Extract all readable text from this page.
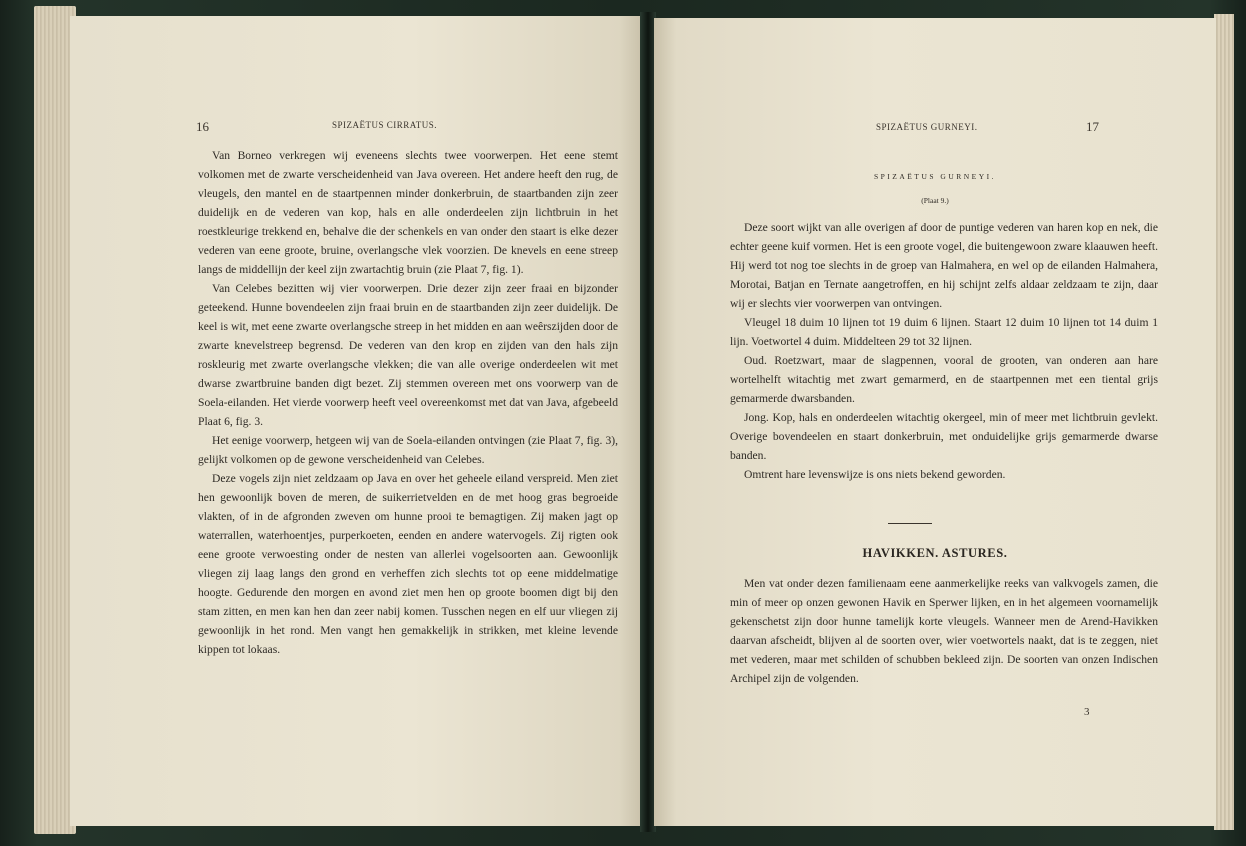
16	SPIZAËTUS CIRRATUS.

Van Borneo verkregen wij eveneens slechts twee voorwerpen. Het eene stemt volkomen met de zwarte verscheidenheid van Java overeen. Het andere heeft den rug, de vleugels, den mantel en de staartpennen minder donkerbruin, de staartbanden zijn zeer duidelijk en de vederen van kop, hals en alle onderdeelen zijn lichtbruin in het roestkleurige trekkend en, behalve die der schenkels en van onder den staart is elke dezer vederen van eene groote, bruine, overlangsche vlek voorzien. De knevels en eene streep langs de middellijn der keel zijn zwartachtig bruin (zie Plaat 7, fig. 1).

Van Celebes bezitten wij vier voorwerpen. Drie dezer zijn zeer fraai en bijzonder geteekend. Hunne bovendeelen zijn fraai bruin en de staartbanden zijn zeer duidelijk. De keel is wit, met eene zwarte overlangsche streep in het midden en aan weêrszijden door de zwarte knevelstreep begrensd. De vederen van den krop en zijden van den hals zijn roskleurig met zwarte overlangsche vlekken; die van alle overige onderdeelen wit met dwarse zwartbruine banden digt bezet. Zij stemmen overeen met ons voorwerp van de Soela-eilanden. Het vierde voorwerp heeft veel overeenkomst met dat van Java, afgebeeld Plaat 6, fig. 3.

Het eenige voorwerp, hetgeen wij van de Soela-eilanden ontvingen (zie Plaat 7, fig. 3), gelijkt volkomen op de gewone verscheidenheid van Celebes.

Deze vogels zijn niet zeldzaam op Java en over het geheele eiland verspreid. Men ziet hen gewoonlijk boven de meren, de suikerrietvelden en de met hoog gras begroeide vlakten, of in de afgronden zweven om hunne prooi te bemagtigen. Zij maken jagt op waterrallen, waterhoentjes, purperkoeten, eenden en andere watervogels. Zij rigten ook eene groote verwoesting onder de nesten van allerlei vogelsoorten aan. Gewoonlijk vliegen zij laag langs den grond en verheffen zich slechts tot op eene middelmatige hoogte. Gedurende den morgen en avond ziet men hen op groote boomen digt bij den stam zitten, en men kan hen dan zeer nabij komen. Tusschen negen en elf uur vliegen zij gewoonlijk in het rond. Men vangt hen gemakkelijk in strikken, met kleine levende kippen tot lokaas.

SPIZAËTUS GURNEYI.	17
SPIZAËTUS GURNEYI.
(Plaat 9.)

Deze soort wijkt van alle overigen af door de puntige vederen van haren kop en nek, die echter geene kuif vormen. Het is een groote vogel, die buitengewoon zware klaauwen heeft. Hij werd tot nog toe slechts in de groep van Halmahera, en wel op de eilanden Halmahera, Morotai, Batjan en Ternate aangetroffen, en hij schijnt zelfs aldaar zeldzaam te zijn, daar wij er slechts vier voorwerpen van ontvingen.

Vleugel 18 duim 10 lijnen tot 19 duim 6 lijnen. Staart 12 duim 10 lijnen tot 14 duim 1 lijn. Voetwortel 4 duim. Middelteen 29 tot 32 lijnen.

Oud. Roetzwart, maar de slagpennen, vooral de grooten, van onderen aan hare wortelhelft witachtig met zwart gemarmerd, en de staartpennen met een tiental grijs gemarmerde dwarsbanden.

Jong. Kop, hals en onderdeelen witachtig okergeel, min of meer met lichtbruin gevlekt. Overige bovendeelen en staart donkerbruin, met onduidelijke grijs gemarmerde dwarse banden.

Omtrent hare levenswijze is ons niets bekend geworden.

HAVIKKEN. ASTURES.

Men vat onder dezen familienaam eene aanmerkelijke reeks van valkvogels zamen, die min of meer op onzen gewonen Havik en Sperwer lijken, en in het algemeen voornamelijk gekenschetst zijn door hunne tamelijk korte vleugels. Wanneer men de Arend-Havikken daarvan afscheidt, blijven al de soorten over, wier voetwortels naakt, dat is te zeggen, niet met vederen, maar met schilden of schubben bekleed zijn. De soorten van onzen Indischen Archipel zijn de volgenden.

3
